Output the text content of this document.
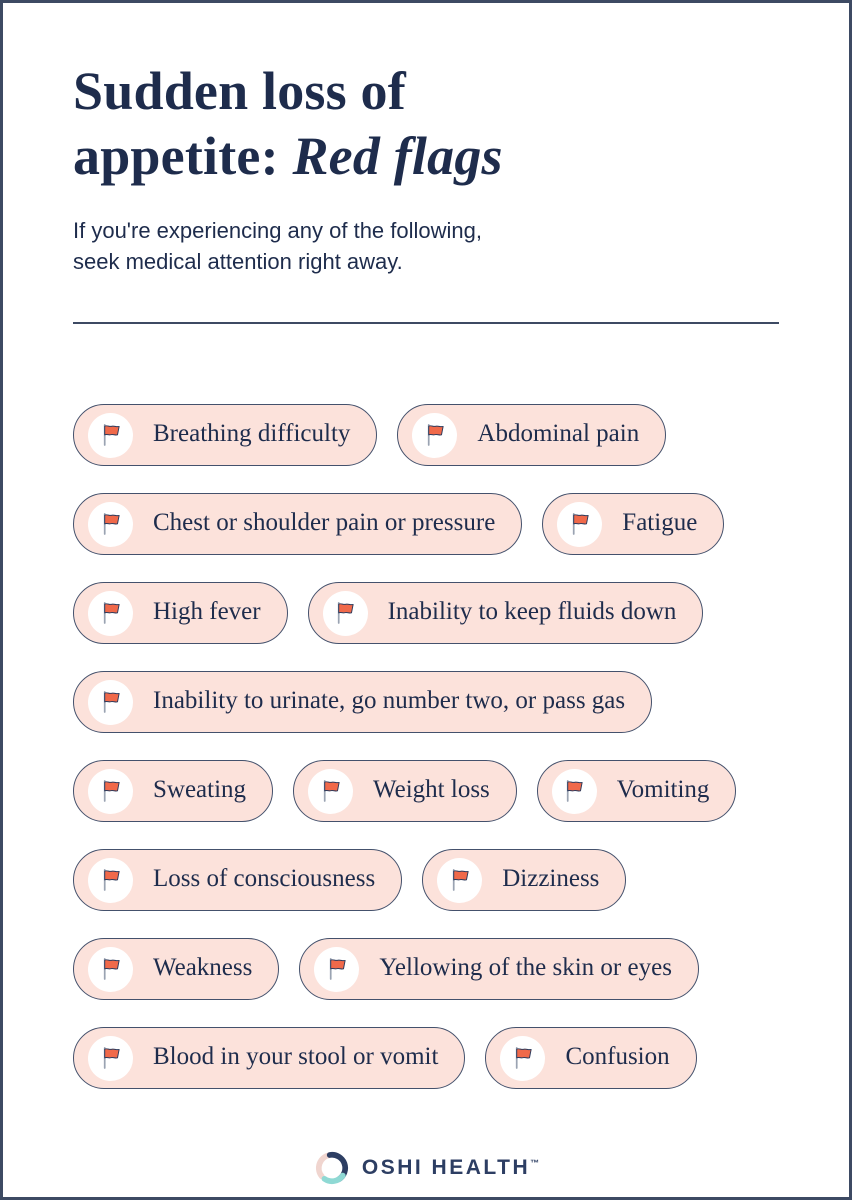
Sudden loss of
appetite: Red flags

If you're experiencing any of the following,
seek medical attention right away.

Breathing difficulty	Abdominal pain
Chest or shoulder pain or pressure	Fatigue
High fever	Inability to keep fluids down
Inability to urinate, go number two, or pass gas
Sweating	Weight loss	Vomiting
Loss of consciousness	Dizziness
Weakness	Yellowing of the skin or eyes
Blood in your stool or vomit	Confusion
OSHI HEALTH™
